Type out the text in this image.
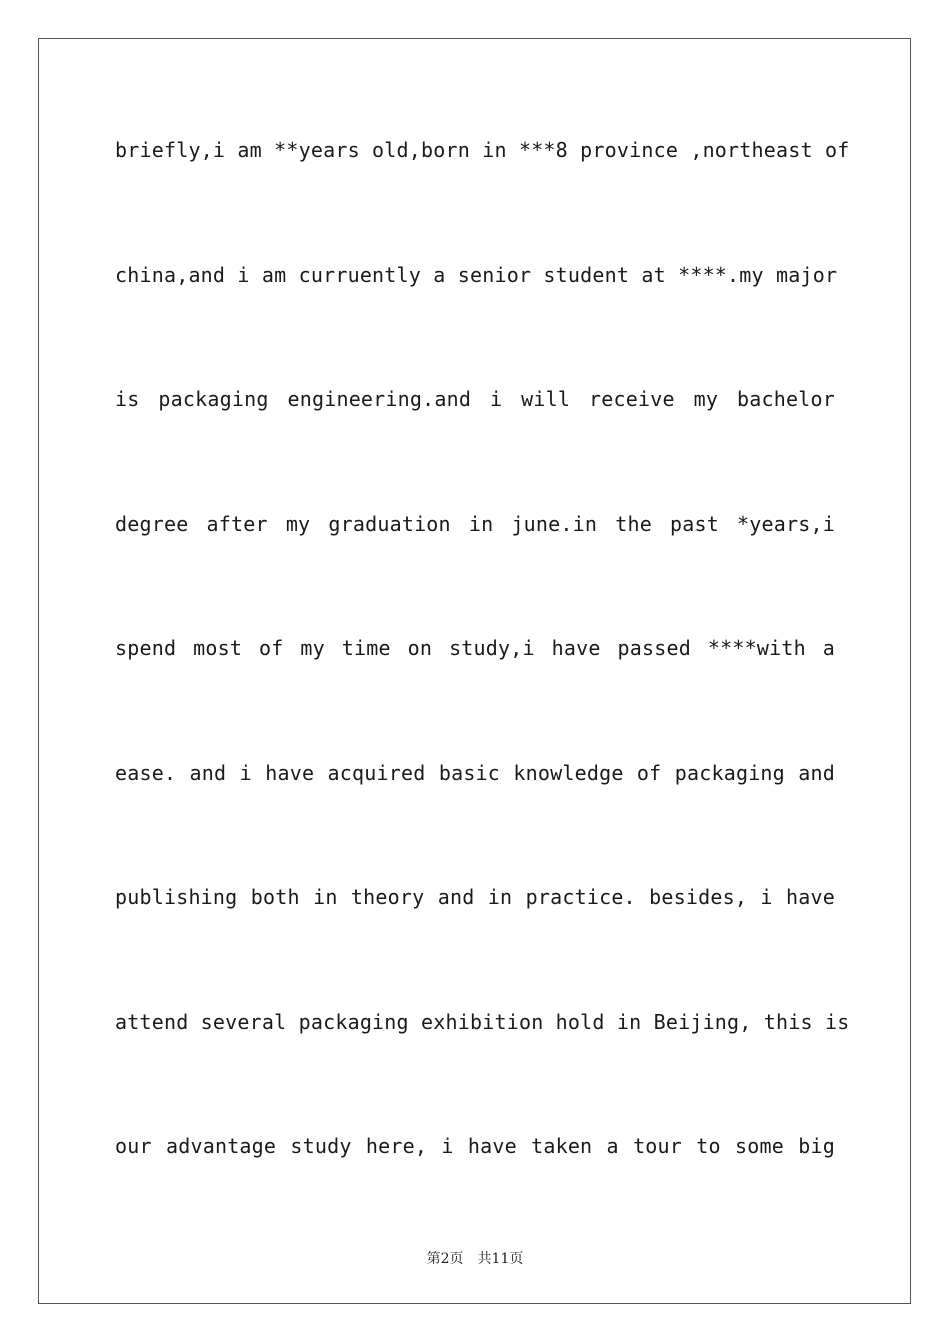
briefly,i am **years old,born in ***8 province ,northeast of
china,and i am curruently a senior student at ****.my major
is packaging engineering.and i will receive my bachelor
degree after my graduation in june.in the past *years,i
spend most of my time on study,i have passed ****with a
ease. and i have acquired basic knowledge of packaging and
publishing both in theory and in practice. besides, i have
attend several packaging exhibition hold in Beijing, this is
our advantage study here, i have taken a tour to some big
第2页　共11页
